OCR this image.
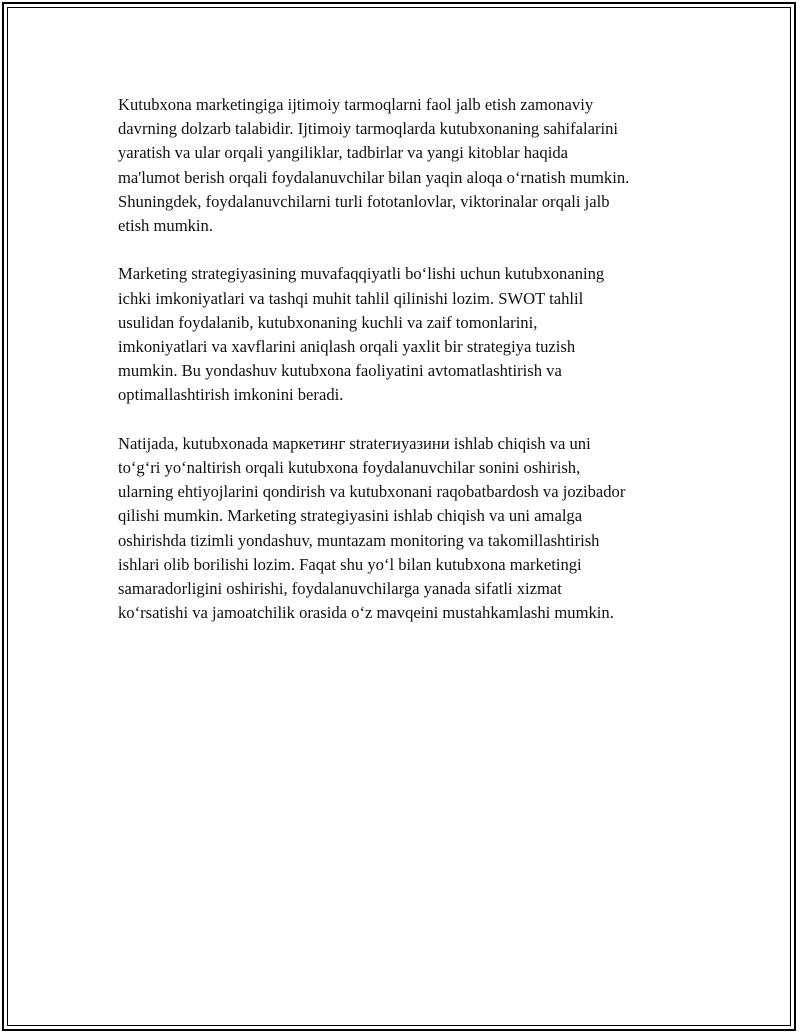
Kutubxona marketingiga ijtimoiy tarmoqlarni faol jalb etish zamonaviy
davrning dolzarb talabidir. Ijtimoiy tarmoqlarda kutubxonaning sahifalarini
yaratish va ular orqali yangiliklar, tadbirlar va yangi kitoblar haqida
ma'lumot berish orqali foydalanuvchilar bilan yaqin aloqa o‘rnatish mumkin.
Shuningdek, foydalanuvchilarni turli fototanlovlar, viktorinalar orqali jalb
etish mumkin.

Marketing strategiyasining muvafaqqiyatli bo‘lishi uchun kutubxonaning
ichki imkoniyatlari va tashqi muhit tahlil qilinishi lozim. SWOT tahlil
usulidan foydalanib, kutubxonaning kuchli va zaif tomonlarini,
imkoniyatlari va xavflarini aniqlash orqali yaxlit bir strategiya tuzish
mumkin. Bu yondashuv kutubxona faoliyatini avtomatlashtirish va
optimallashtirish imkonini beradi.

Natijada, kutubxonada маркетинг stratегиуазини ishlab chiqish va uni
to‘g‘ri yo‘naltirish orqali kutubxona foydalanuvchilar sonini oshirish,
ularning ehtiyojlarini qondirish va kutubxonani raqobatbardosh va jozibador
qilishi mumkin. Marketing strategiyasini ishlab chiqish va uni amalga
oshirishda tizimli yondashuv, muntazam monitoring va takomillashtirish
ishlari olib borilishi lozim. Faqat shu yo‘l bilan kutubxona marketingi
samaradorligini oshirishi, foydalanuvchilarga yanada sifatli xizmat
ko‘rsatishi va jamoatchilik orasida o‘z mavqeini mustahkamlashi mumkin.
